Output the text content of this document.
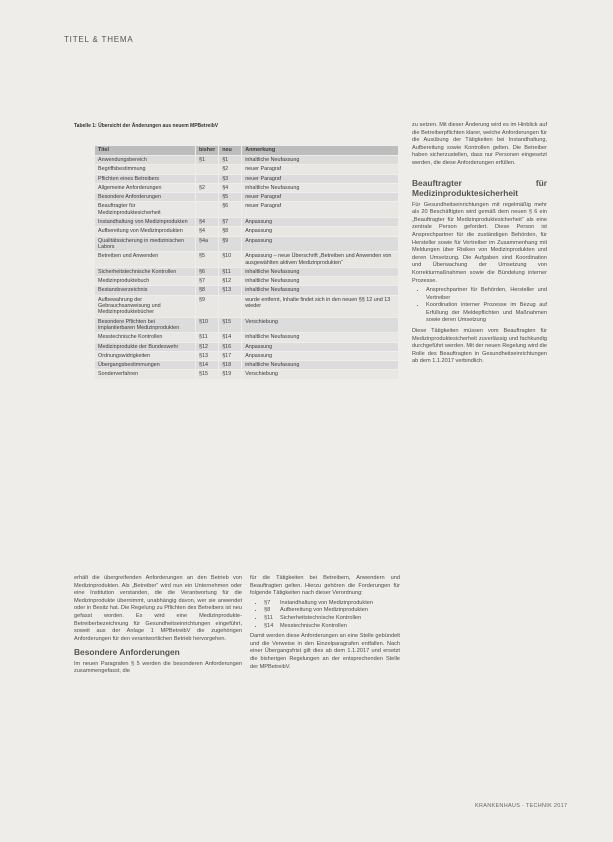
TITEL & THEMA
Tabelle 1: Übersicht der Änderungen aus neuem MPBetreibV
Titel	bisher	neu	Anmerkung
Anwendungsbereich	§1	§1	inhaltliche Neufassung
Begriffsbestimmung		§2	neuer Paragraf
Pflichten eines Betreibers		§3	neuer Paragraf
Allgemeine Anforderungen	§2	§4	inhaltliche Neufassung
Besondere Anforderungen		§5	neuer Paragraf
Beauftragter für Medizinproduktesicherheit		§6	neuer Paragraf
Instandhaltung von Medizinprodukten	§4	§7	Anpassung
Aufbereitung von Medizinprodukten	§4	§8	Anpassung
Qualitätssicherung in medizinischen Labors	§4a	§9	Anpassung
Betreiben und Anwenden	§5	§10	Anpassung – neue Überschrift „Betreiben und Anwenden von ausgewählten aktiven Medizinprodukten“
Sicherheitstechnische Kontrollen	§6	§11	inhaltliche Neufassung
Medizinproduktebuch	§7	§12	inhaltliche Neufassung
Bestandsverzeichnis	§8	§13	inhaltliche Neufassung
Aufbewahrung der Gebrauchsanweisung und Medizinproduktebücher	§9		wurde entfernt, Inhalte findet sich in den neuen §§ 12 und 13 wieder
Besondere Pflichten bei implantierbaren Medizinprodukten	§10	§15	Verschiebung
Messtechnische Kontrollen	§11	§14	inhaltliche Neufassung
Medizinprodukte der Bundeswehr	§12	§16	Anpassung
Ordnungswidrigkeiten	§13	§17	Anpassung
Übergangsbestimmungen	§14	§18	inhaltliche Neufassung
Sonderverfahren	§15	§19	Verschiebung
erhält die übergreifenden Anforderungen an den Betrieb von Medizinprodukten. Als „Betreiber“ wird nun ein Unternehmen oder eine Institution verstanden, die die Verantwortung für die Medizinprodukte übernimmt, unabhängig davon, wer sie anwendet oder in Besitz hat. Die Regelung zu Pflichten des Betreibers ist neu gefasst worden. Es wird eine Medizinprodukte-Betreiberbezeichnung für Gesundheitseinrichtungen eingeführt, soweit aus der Anlage 1 MPBetreibV die zugehörigen Anforderungen für den verantwortlichen Betrieb hervorgehen.
Besondere Anforderungen
Im neuen Paragrafen § 5 werden die besonderen Anforderungen zusammengefasst, die
für die Tätigkeiten bei Betreibern, Anwendern und Beauftragten gelten. Hierzu gehören die Forderungen für folgende Tätigkeiten nach dieser Verordnung:
• §7 Instandhaltung von Medizinprodukten
• §8 Aufbereitung von Medizinprodukten
• §11 Sicherheitstechnische Kontrollen
• §14 Messtechnische Kontrollen
Damit werden diese Anforderungen an eine Stelle gebündelt und die Verweise in den Einzelparagrafen entfallen. Nach einer Übergangsfrist gilt dies ab dem 1.1.2017 und ersetzt die bisherigen Regelungen an der entsprechenden Stelle der MPBetreibV.
zu setzen. Mit dieser Änderung wird es im Hinblick auf die Betreiberpflichten klarer, welche Anforderungen für die Ausübung der Tätigkeiten bei Instandhaltung, Aufbereitung sowie Kontrollen gelten. Die Betreiber haben sicherzustellen, dass nur Personen eingesetzt werden, die diese Anforderungen erfüllen.
Beauftragter für Medizinproduktesicherheit
Für Gesundheitseinrichtungen mit regelmäßig mehr als 20 Beschäftigten wird gemäß dem neuen § 6 ein „Beauftragter für Medizinproduktesicherheit“ als eine zentrale Person gefordert. Diese Person ist Ansprechpartner für die zuständigen Behörden, für Hersteller sowie für Vertreiber im Zusammenhang mit Meldungen über Risiken von Medizinprodukten und deren Umsetzung. Die Aufgaben sind Koordination und Überwachung der Umsetzung von Korrekturmaßnahmen sowie die Bündelung interner Prozesse.
• Ansprechpartner für Behörden, Hersteller und Vertreiber
• Koordination interner Prozesse im Bezug auf Erfüllung der Meldepflichten und Maßnahmen sowie deren Umsetzung
Diese Tätigkeiten müssen vom Beauftragten für Medizinproduktesicherheit zuverlässig und fachkundig durchgeführt werden. Mit der neuen Regelung wird die Rolle des Beauftragten in Gesundheitseinrichtungen ab dem 1.1.2017 verbindlich.
KRANKENHAUS · TECHNIK 2017
